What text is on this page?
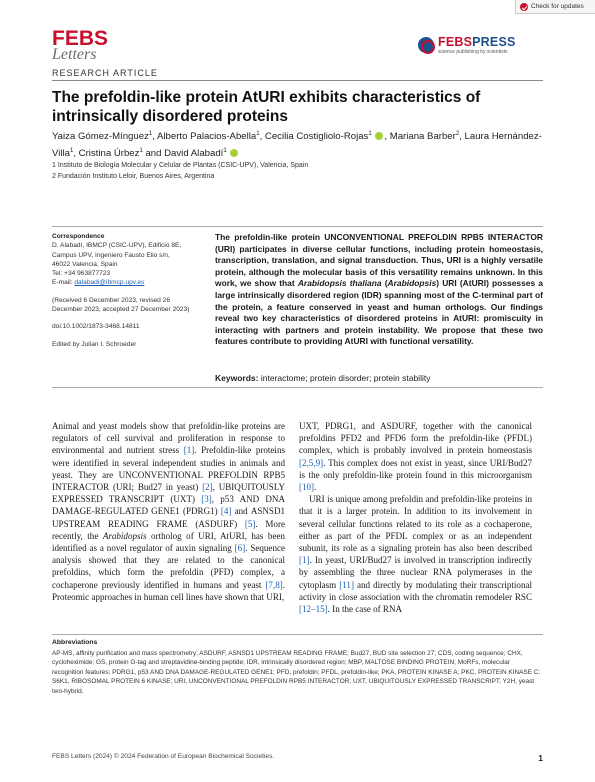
Check for updates
FEBS
Letters
FEBSPRESS
science publishing by scientists
RESEARCH ARTICLE
The prefoldin-like protein AtURI exhibits characteristics of intrinsically disordered proteins
Yaiza Gómez-Mínguez$^1$, Alberto Palacios-Abella$^1$, Cecilia Costigliolo-Rojas$^1$ , Mariana Barber$^2$, Laura Hernández-Villa$^1$, Cristina Úrbez$^1$ and David Alabadí$^1$
1 Instituto de Biología Molecular y Celular de Plantas (CSIC-UPV), Valencia, Spain
2 Fundación Instituto Leloir, Buenos Aires, Argentina

Correspondence
D. Alabadí, IBMCP (CSIC-UPV), Edificio 8E,
Campus UPV, Ingeniero Fausto Elio s/n,
46022 Valencia, Spain
Tel: +34 963877723
E-mail: dalabadi@ibmcp.upv.es

(Received 6 December 2023, revised 26 December 2023, accepted 27 December 2023)

doi:10.1002/1873-3468.14811

Edited by Julian I. Schroeder

The prefoldin-like protein UNCONVENTIONAL PREFOLDIN RPB5 INTERACTOR (URI) participates in diverse cellular functions, including protein homeostasis, transcription, translation, and signal transduction. Thus, URI is a highly versatile protein, although the molecular basis of this versatility remains unknown. In this work, we show that Arabidopsis thaliana (Arabidopsis) URI (AtURI) possesses a large intrinsically disordered region (IDR) spanning most of the C-terminal part of the protein, a feature conserved in yeast and human orthologs. Our findings reveal two key characteristics of disordered proteins in AtURI: promiscuity in interacting with partners and protein instability. We propose that these two features contribute to providing AtURI with functional versatility.
Keywords: interactome; protein disorder; protein stability
Animal and yeast models show that prefoldin-like proteins are regulators of cell survival and proliferation in response to environmental and nutrient stress [1]. Prefoldin-like proteins were identified in several independent studies in animals and yeast. They are UNCONVENTIONAL PREFOLDIN RPB5 INTERACTOR (URI; Bud27 in yeast) [2], UBIQUITOUSLY EXPRESSED TRANSCRIPT (UXT) [3], p53 AND DNA DAMAGE-REGULATED GENE1 (PDRG1) [4] and ASNSD1 UPSTREAM READING FRAME (ASDURF) [5]. More recently, the Arabidopsis ortholog of URI, AtURI, has been identified as a novel regulator of auxin signaling [6]. Sequence analysis showed that they are related to the canonical prefoldins, which form the prefoldin (PFD) complex, a cochaperone previously identified in humans and yeast [7,8]. Proteomic approaches in human cell lines have shown that URI,

UXT, PDRG1, and ASDURF, together with the canonical prefoldins PFD2 and PFD6 form the prefoldin-like (PFDL) complex, which is probably involved in protein homeostasis [2,5,9]. This complex does not exist in yeast, since URI/Bud27 is the only prefoldin-like protein found in this microorganism [10].

URI is unique among prefoldin and prefoldin-like proteins in that it is a larger protein. In addition to its involvement in several cellular functions related to its role as a cochaperone, either as part of the PFDL complex or as an independent subunit, its role as a signaling protein has also been described [1]. In yeast, URI/Bud27 is involved in transcription indirectly by assembling the three nuclear RNA polymerases in the cytoplasm [11] and directly by modulating their transcriptional activity in close association with the chromatin remodeler RSC [12–15]. In the case of RNA

Abbreviations
AP-MS, affinity purification and mass spectrometry; ASDURF, ASNSD1 UPSTREAM READING FRAME; Bud27, BUD site selection 27; CDS, coding sequence; CHX, cycloheximide; GS, protein G-tag and streptavidine-binding peptide; IDR, intrinsically disordered region; MBP, MALTOSE BINDING PROTEIN; MoRFs, molecular recognition features; PDRG1, p53 AND DNA DAMAGE-REGULATED GENE1; PFD, prefoldin; PFDL, prefoldin-like; PKA, PROTEIN KINASE A; PKC, PROTEIN KINASE C; S6K1, RIBOSOMAL PROTEIN 6 KINASE; URI, UNCONVENTIONAL PREFOLDIN RPB5 INTERACTOR; UXT, UBIQUITOUSLY EXPRESSED TRANSCRIPT; Y2H, yeast two-hybrid.
FEBS Letters (2024) © 2024 Federation of European Biochemical Societies.	1
